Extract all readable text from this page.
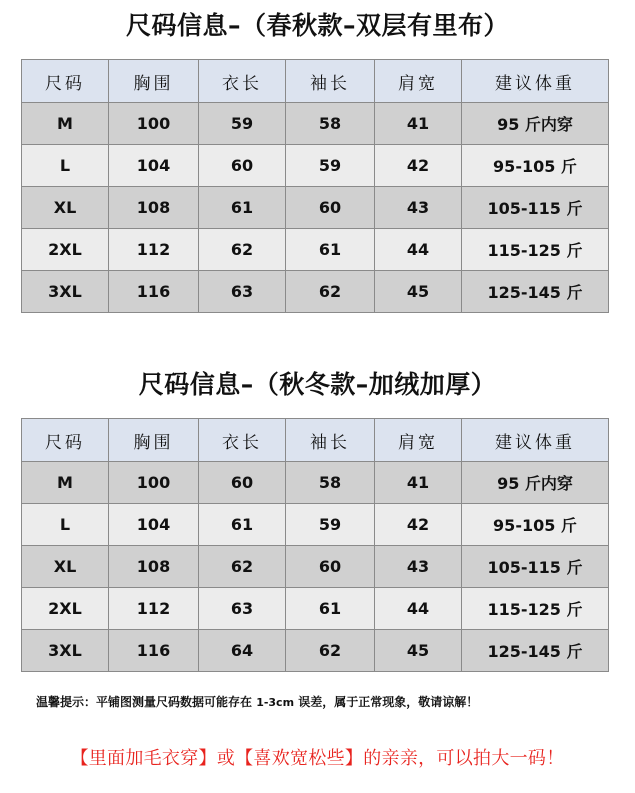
尺码信息–（春秋款–双层有里布）
尺码	胸围	衣长	袖长	肩宽	建议体重
M	100	59	58	41	95 斤内穿
L	104	60	59	42	95-105 斤
XL	108	61	60	43	105-115 斤
2XL	112	62	61	44	115-125 斤
3XL	116	63	62	45	125-145 斤
尺码信息–（秋冬款–加绒加厚）
尺码	胸围	衣长	袖长	肩宽	建议体重
M	100	60	58	41	95 斤内穿
L	104	61	59	42	95-105 斤
XL	108	62	60	43	105-115 斤
2XL	112	63	61	44	115-125 斤
3XL	116	64	62	45	125-145 斤
温馨提示：平铺图测量尺码数据可能存在 1-3cm 误差，属于正常现象，敬请谅解！
【里面加毛衣穿】或【喜欢宽松些】的亲亲，可以拍大一码！
